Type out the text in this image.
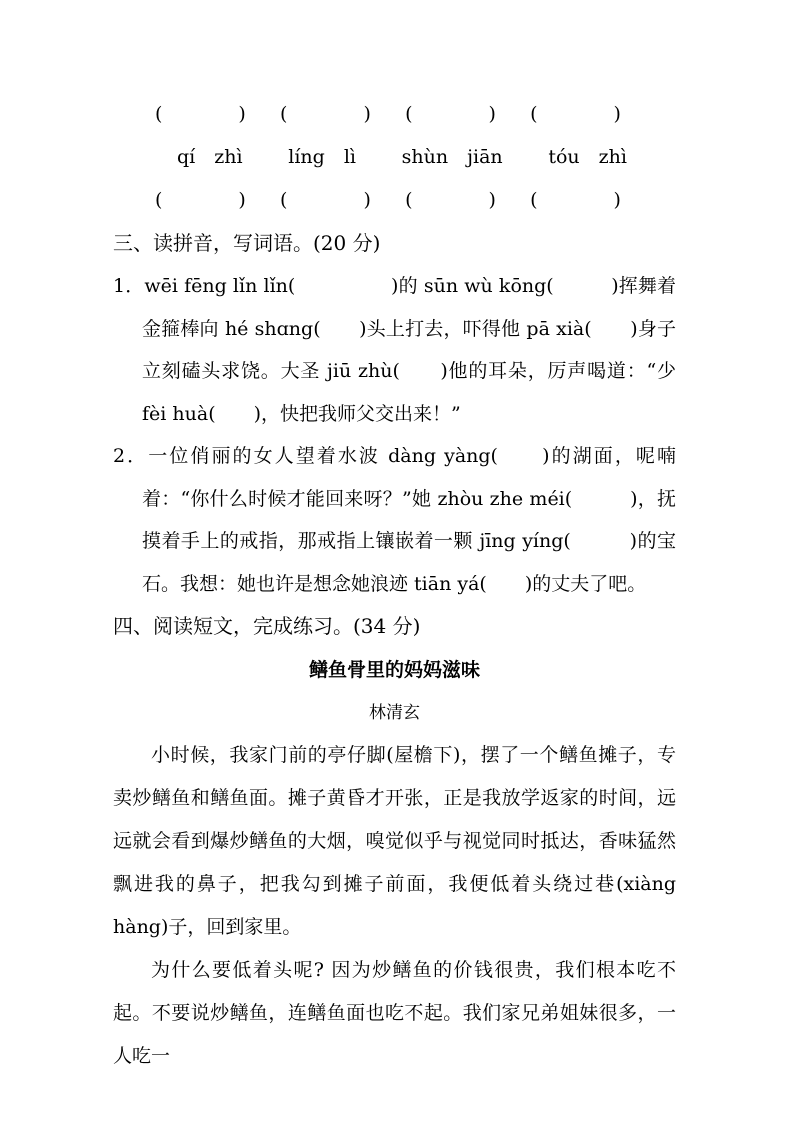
(　　　　) (　　　　) (　　　　) (　　　　)
qí　zhì líng　lì shùn　jiān tóu　zhì
(　　　　) (　　　　) (　　　　) (　　　　)

三、读拼音，写词语。(20 分)

1．wēi fēng lǐn lǐn(　　　　　)的 sūn wù kōng(　　　)挥舞着金箍棒向 hé shɑng(　　)头上打去，吓得他 pā xià(　　)身子立刻磕头求饶。大圣 jiū zhù(　　)他的耳朵，厉声喝道：“少 fèi huà(　　)，快把我师父交出来！”

2．一位俏丽的女人望着水波 dàng yàng(　　)的湖面，呢喃着：“你什么时候才能回来呀？”她 zhòu zhe méi(　　　)，抚摸着手上的戒指，那戒指上镶嵌着一颗 jīng yíng(　　　)的宝石。我想：她也许是想念她浪迹 tiān yá(　　)的丈夫了吧。

四、阅读短文，完成练习。(34 分)

鳝鱼骨里的妈妈滋味

林清玄

小时候，我家门前的亭仔脚(屋檐下)，摆了一个鳝鱼摊子，专卖炒鳝鱼和鳝鱼面。摊子黄昏才开张，正是我放学返家的时间，远远就会看到爆炒鳝鱼的大烟，嗅觉似乎与视觉同时抵达，香味猛然飘进我的鼻子，把我勾到摊子前面，我便低着头绕过巷(xiàng　hàng)子，回到家里。

为什么要低着头呢? 因为炒鳝鱼的价钱很贵，我们根本吃不起。不要说炒鳝鱼，连鳝鱼面也吃不起。我们家兄弟姐妹很多，一人吃一
